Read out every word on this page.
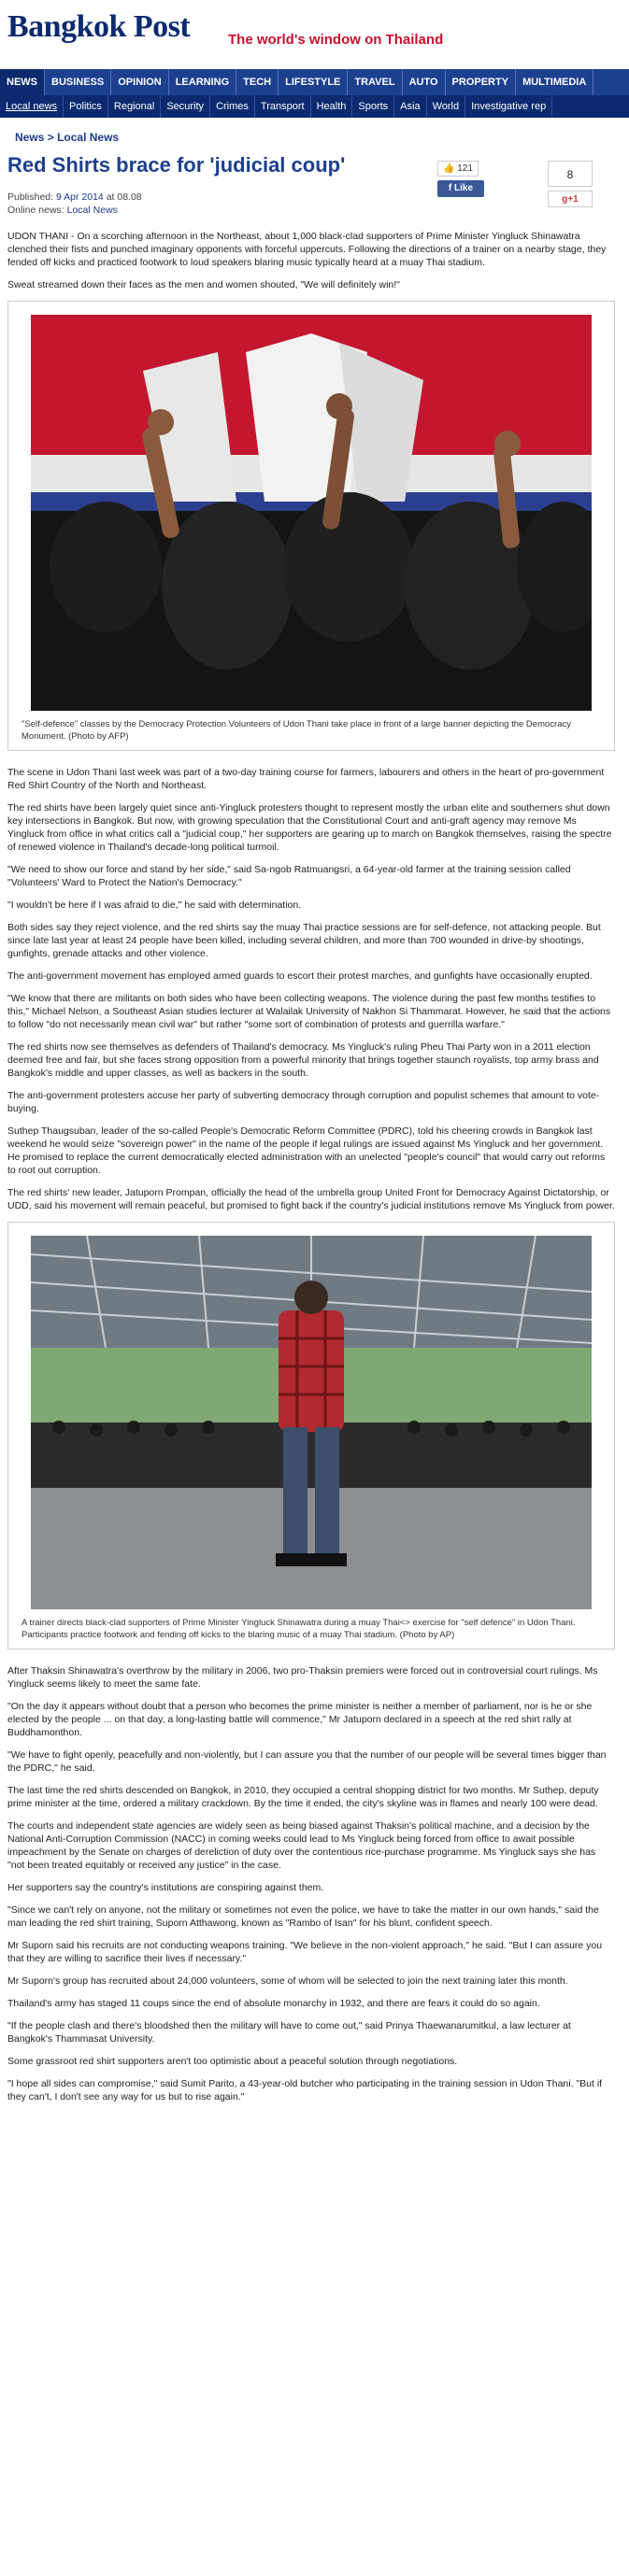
Bangkok Post	The world's window on Thailand
NEWS	BUSINESS	OPINION	LEARNING	TECH	LIFESTYLE	TRAVEL	AUTO	PROPERTY	MULTIMEDIA
Local news	Politics	Regional	Security	Crimes	Transport	Health	Sports	Asia	World	Investigative rep
News > Local News
Red Shirts brace for 'judicial coup'
Published: 9 Apr 2014 at 08.08
Online news: Local News
👍 121
f Like
8
g+1

UDON THANI - On a scorching afternoon in the Northeast, about 1,000 black-clad supporters of Prime Minister Yingluck Shinawatra clenched their fists and punched imaginary opponents with forceful uppercuts. Following the directions of a trainer on a nearby stage, they fended off kicks and practiced footwork to loud speakers blaring music typically heard at a muay Thai stadium.

Sweat streamed down their faces as the men and women shouted, "We will definitely win!"

"Self-defence" classes by the Democracy Protection Volunteers of Udon Thani take place in front of a large banner depicting the Democracy Monument. (Photo by AFP)

The scene in Udon Thani last week was part of a two-day training course for farmers, labourers and others in the heart of pro-government Red Shirt Country of the North and Northeast.

The red shirts have been largely quiet since anti-Yingluck protesters thought to represent mostly the urban elite and southerners shut down key intersections in Bangkok. But now, with growing speculation that the Constitutional Court and anti-graft agency may remove Ms Yingluck from office in what critics call a "judicial coup," her supporters are gearing up to march on Bangkok themselves, raising the spectre of renewed violence in Thailand's decade-long political turmoil.

"We need to show our force and stand by her side," said Sa-ngob Ratmuangsri, a 64-year-old farmer at the training session called "Volunteers' Ward to Protect the Nation's Democracy."

"I wouldn't be here if I was afraid to die," he said with determination.

Both sides say they reject violence, and the red shirts say the muay Thai practice sessions are for self-defence, not attacking people. But since late last year at least 24 people have been killed, including several children, and more than 700 wounded in drive-by shootings, gunfights, grenade attacks and other violence.

The anti-government movement has employed armed guards to escort their protest marches, and gunfights have occasionally erupted.

"We know that there are militants on both sides who have been collecting weapons. The violence during the past few months testifies to this," Michael Nelson, a Southeast Asian studies lecturer at Walailak University of Nakhon Si Thammarat. However, he said that the actions to follow "do not necessarily mean civil war" but rather "some sort of combination of protests and guerrilla warfare."

The red shirts now see themselves as defenders of Thailand's democracy. Ms Yingluck's ruling Pheu Thai Party won in a 2011 election deemed free and fair, but she faces strong opposition from a powerful minority that brings together staunch royalists, top army brass and Bangkok's middle and upper classes, as well as backers in the south.

The anti-government protesters accuse her party of subverting democracy through corruption and populist schemes that amount to vote-buying.

Suthep Thaugsuban, leader of the so-called People's Democratic Reform Committee (PDRC), told his cheering crowds in Bangkok last weekend he would seize "sovereign power" in the name of the people if legal rulings are issued against Ms Yingluck and her government. He promised to replace the current democratically elected administration with an unelected "people's council" that would carry out reforms to root out corruption.

The red shirts' new leader, Jatuporn Prompan, officially the head of the umbrella group United Front for Democracy Against Dictatorship, or UDD, said his movement will remain peaceful, but promised to fight back if the country's judicial institutions remove Ms Yingluck from power.

A trainer directs black-clad supporters of Prime Minister Yingluck Shinawatra during a muay Thai<> exercise for "self defence" in Udon Thani. Participants practice footwork and fending off kicks to the blaring music of a muay Thai stadium. (Photo by AP)

After Thaksin Shinawatra's overthrow by the military in 2006, two pro-Thaksin premiers were forced out in controversial court rulings. Ms Yingluck seems likely to meet the same fate.

"On the day it appears without doubt that a person who becomes the prime minister is neither a member of parliament, nor is he or she elected by the people ... on that day, a long-lasting battle will commence," Mr Jatuporn declared in a speech at the red shirt rally at Buddhamonthon.

"We have to fight openly, peacefully and non-violently, but I can assure you that the number of our people will be several times bigger than the PDRC," he said.

The last time the red shirts descended on Bangkok, in 2010, they occupied a central shopping district for two months. Mr Suthep, deputy prime minister at the time, ordered a military crackdown. By the time it ended, the city's skyline was in flames and nearly 100 were dead.

The courts and independent state agencies are widely seen as being biased against Thaksin's political machine, and a decision by the National Anti-Corruption Commission (NACC) in coming weeks could lead to Ms Yingluck being forced from office to await possible impeachment by the Senate on charges of dereliction of duty over the contentious rice-purchase programme. Ms Yingluck says she has "not been treated equitably or received any justice" in the case.

Her supporters say the country's institutions are conspiring against them.

"Since we can't rely on anyone, not the military or sometimes not even the police, we have to take the matter in our own hands," said the man leading the red shirt training, Suporn Atthawong, known as "Rambo of Isan" for his blunt, confident speech.

Mr Suporn said his recruits are not conducting weapons training. "We believe in the non-violent approach," he said. "But I can assure you that they are willing to sacrifice their lives if necessary."

Mr Suporn's group has recruited about 24,000 volunteers, some of whom will be selected to join the next training later this month.

Thailand's army has staged 11 coups since the end of absolute monarchy in 1932, and there are fears it could do so again.

"If the people clash and there's bloodshed then the military will have to come out," said Prinya Thaewanarumitkul, a law lecturer at Bangkok's Thammasat University.

Some grassroot red shirt supporters aren't too optimistic about a peaceful solution through negotiations.

"I hope all sides can compromise," said Sumit Parito, a 43-year-old butcher who participating in the training session in Udon Thani. "But if they can't, I don't see any way for us but to rise again."
